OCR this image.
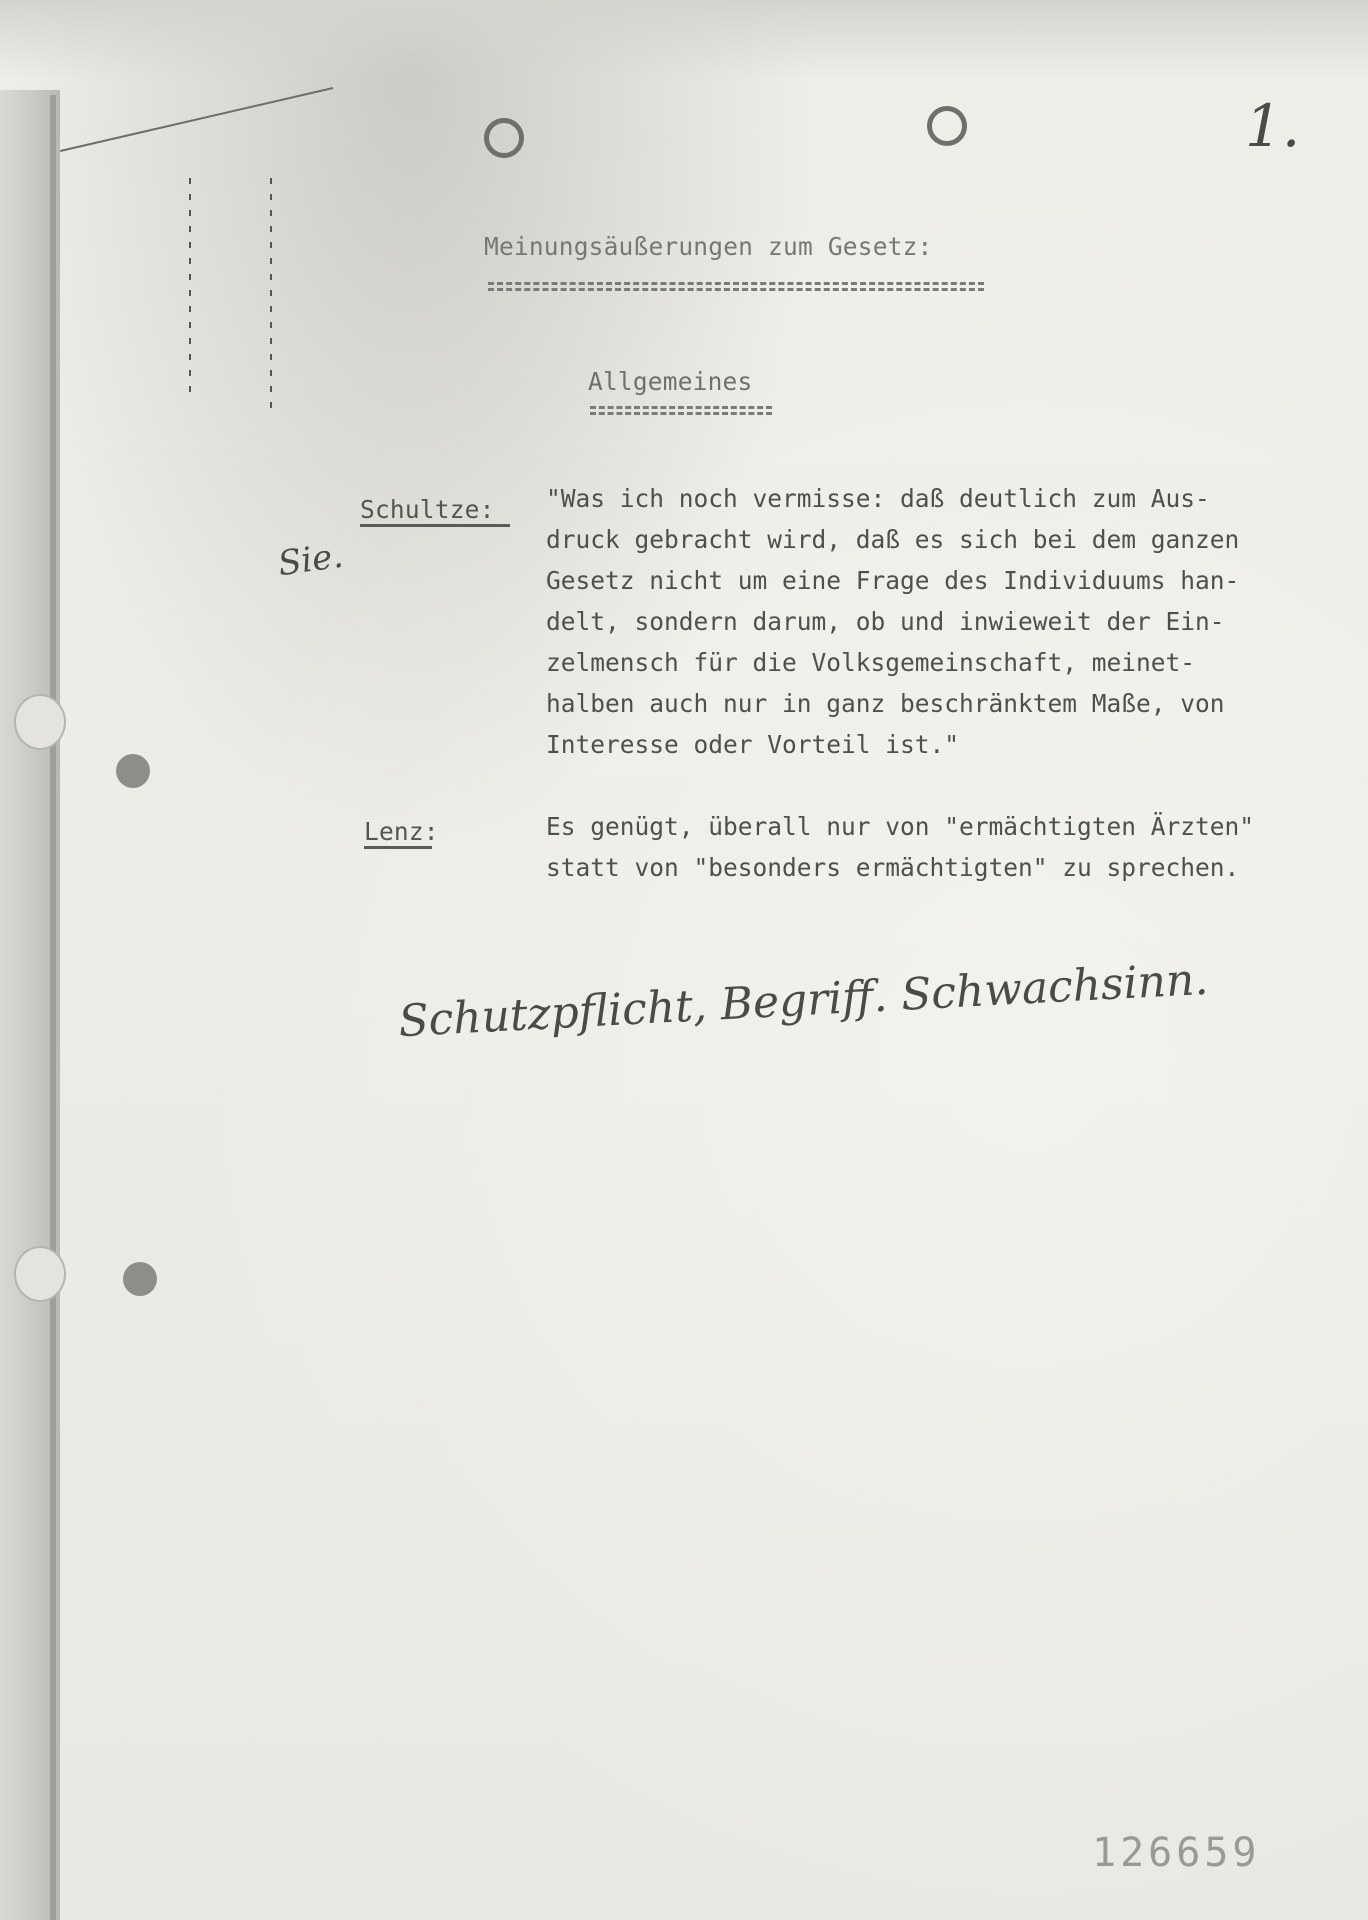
1.
Meinungsäußerungen zum Gesetz:
Allgemeines
Sie.
Schultze: "Was ich noch vermisse: daß deutlich zum Aus-
druck gebracht wird, daß es sich bei dem ganzen
Gesetz nicht um eine Frage des Individuums han-
delt, sondern darum, ob und inwieweit der Ein-
zelmensch für die Volksgemeinschaft, meinet-
halben auch nur in ganz beschränktem Maße, von
Interesse oder Vorteil ist."
Lenz:	Es genügt, überall nur von "ermächtigten Ärzten"
statt von "besonders ermächtigten" zu sprechen.
Schutzpflicht, Begriff. Schwachsinn.
126659
